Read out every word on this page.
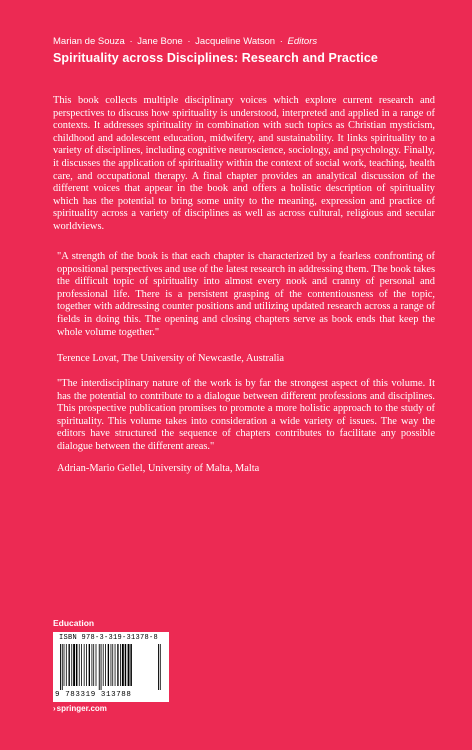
Marian de Souza · Jane Bone · Jacqueline Watson · Editors
Spirituality across Disciplines: Research and Practice
This book collects multiple disciplinary voices which explore current research and perspectives to discuss how spirituality is understood, interpreted and applied in a range of contexts. It addresses spirituality in combination with such topics as Christian mysticism, childhood and adolescent education, midwifery, and sustainability. It links spirituality to a variety of disciplines, including cognitive neuroscience, sociology, and psychology. Finally, it discusses the application of spirituality within the context of social work, teaching, health care, and occupational therapy. A final chapter provides an analytical discussion of the different voices that appear in the book and offers a holistic description of spirituality which has the potential to bring some unity to the meaning, expression and practice of spirituality across a variety of disciplines as well as across cultural, religious and secular worldviews.
"A strength of the book is that each chapter is characterized by a fearless confronting of oppositional perspectives and use of the latest research in addressing them. The book takes the difficult topic of spirituality into almost every nook and cranny of personal and professional life. There is a persistent grasping of the contentiousness of the topic, together with addressing counter positions and utilizing updated research across a range of fields in doing this. The opening and closing chapters serve as book ends that keep the whole volume together."
Terence Lovat, The University of Newcastle, Australia
"The interdisciplinary nature of the work is by far the strongest aspect of this volume. It has the potential to contribute to a dialogue between different professions and disciplines. This prospective publication promises to promote a more holistic approach to the study of spirituality. This volume takes into consideration a wide variety of issues. The way the editors have structured the sequence of chapters contributes to facilitate any possible dialogue between the different areas."
Adrian-Mario Gellel, University of Malta, Malta
Education
ISBN 978-3-319-31378-8
9 783319 313788
›springer.com
